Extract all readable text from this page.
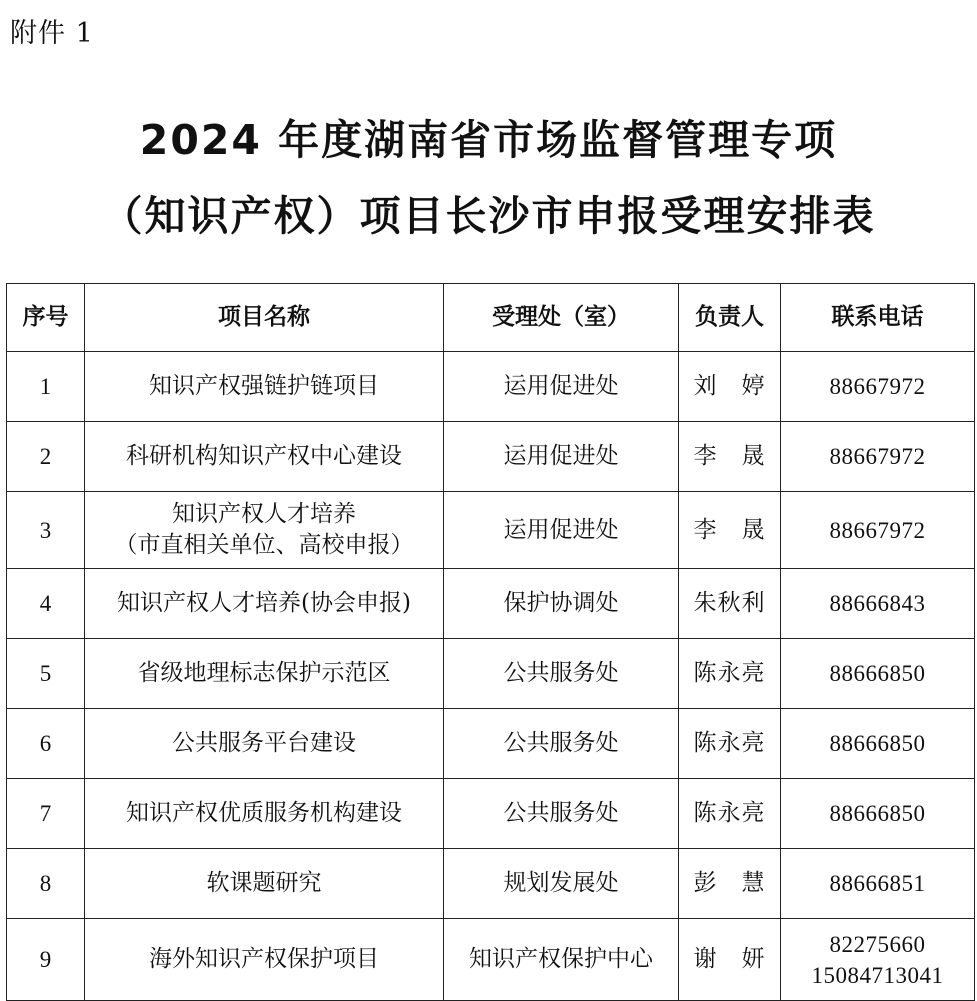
附件 1
2024 年度湖南省市场监督管理专项
（知识产权）项目长沙市申报受理安排表
序号	项目名称	受理处（室）	负责人	联系电话
1	知识产权强链护链项目	运用促进处	刘　婷	88667972
2	科研机构知识产权中心建设	运用促进处	李　晟	88667972
3	知识产权人才培养
（市直相关单位、高校申报）	运用促进处	李　晟	88667972
4	知识产权人才培养(协会申报)	保护协调处	朱秋利	88666843
5	省级地理标志保护示范区	公共服务处	陈永亮	88666850
6	公共服务平台建设	公共服务处	陈永亮	88666850
7	知识产权优质服务机构建设	公共服务处	陈永亮	88666850
8	软课题研究	规划发展处	彭　慧	88666851
9	海外知识产权保护项目	知识产权保护中心	谢　妍	82275660
15084713041
